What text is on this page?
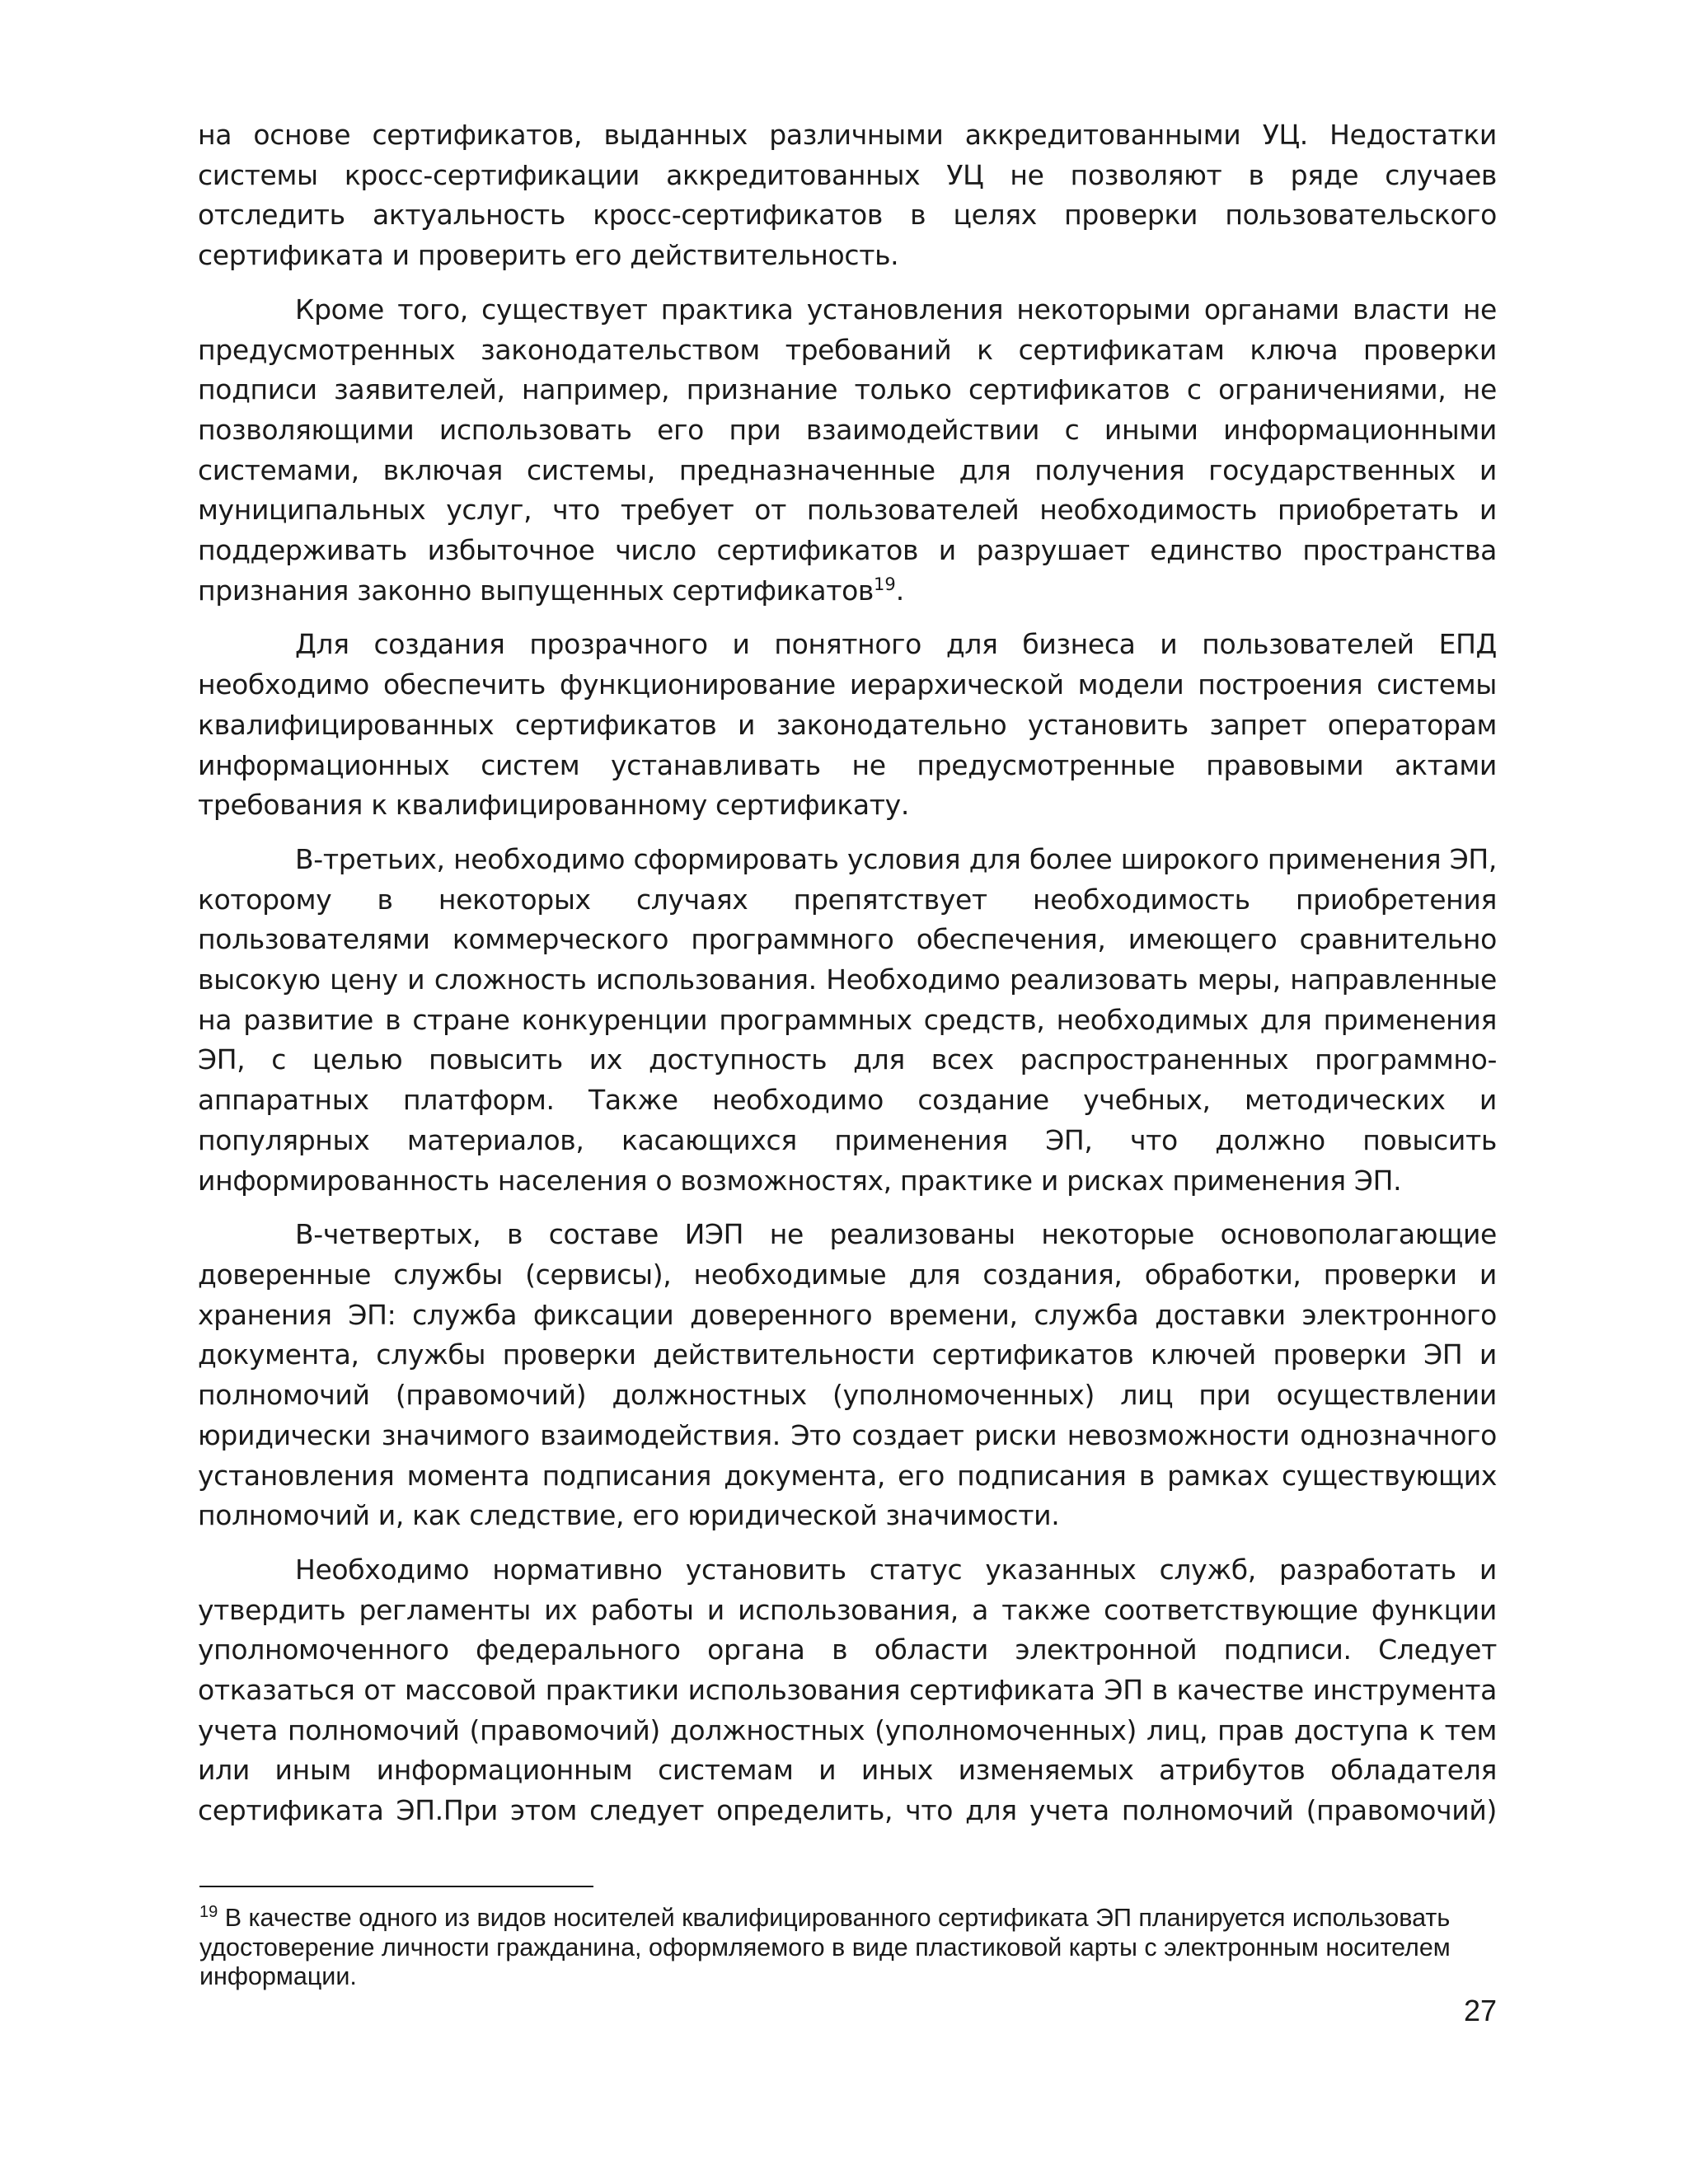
на основе сертификатов, выданных различными аккредитованными УЦ. Недостатки системы кросс-сертификации аккредитованных УЦ не позволяют в ряде случаев отследить актуальность кросс-сертификатов в целях проверки пользовательского сертификата и проверить его действительность.

Кроме того, существует практика установления некоторыми органами власти не предусмотренных законодательством требований к сертификатам ключа проверки подписи заявителей, например, признание только сертификатов с ограничениями, не позволяющими использовать его при взаимодействии с иными информационными системами, включая системы, предназначенные для получения государственных и муниципальных услуг, что требует от пользователей необходимость приобретать и поддерживать избыточное число сертификатов и разрушает единство пространства признания законно выпущенных сертификатов$^{19}$.

Для создания прозрачного и понятного для бизнеса и пользователей ЕПД необходимо обеспечить функционирование иерархической модели построения системы квалифицированных сертификатов и законодательно установить запрет операторам информационных систем устанавливать не предусмотренные правовыми актами требования к квалифицированному сертификату.

В-третьих, необходимо сформировать условия для более широкого применения ЭП, которому в некоторых случаях препятствует необходимость приобретения пользователями коммерческого программного обеспечения, имеющего сравнительно высокую цену и сложность использования. Необходимо реализовать меры, направленные на развитие в стране конкуренции программных средств, необходимых для применения ЭП, с целью повысить их доступность для всех распространенных программно-аппаратных платформ. Также необходимо создание учебных, методических и популярных материалов, касающихся применения ЭП, что должно повысить информированность населения о возможностях, практике и рисках применения ЭП.

В-четвертых, в составе ИЭП не реализованы некоторые основополагающие доверенные службы (сервисы), необходимые для создания, обработки, проверки и хранения ЭП: служба фиксации доверенного времени, служба доставки электронного документа, службы проверки действительности сертификатов ключей проверки ЭП и полномочий (правомочий) должностных (уполномоченных) лиц при осуществлении юридически значимого взаимодействия. Это создает риски невозможности однозначного установления момента подписания документа, его подписания в рамках существующих полномочий и, как следствие, его юридической значимости.

Необходимо нормативно установить статус указанных служб, разработать и утвердить регламенты их работы и использования, а также соответствующие функции уполномоченного федерального органа в области электронной подписи. Следует отказаться от массовой практики использования сертификата ЭП в качестве инструмента учета полномочий (правомочий) должностных (уполномоченных) лиц, прав доступа к тем или иным информационным системам и иных изменяемых атрибутов обладателя сертификата ЭП.При этом следует определить, что для учета полномочий (правомочий)

$^{19}$ В качестве одного из видов носителей квалифицированного сертификата ЭП планируется использовать удостоверение личности гражданина, оформляемого в виде пластиковой карты с электронным носителем информации.

27
